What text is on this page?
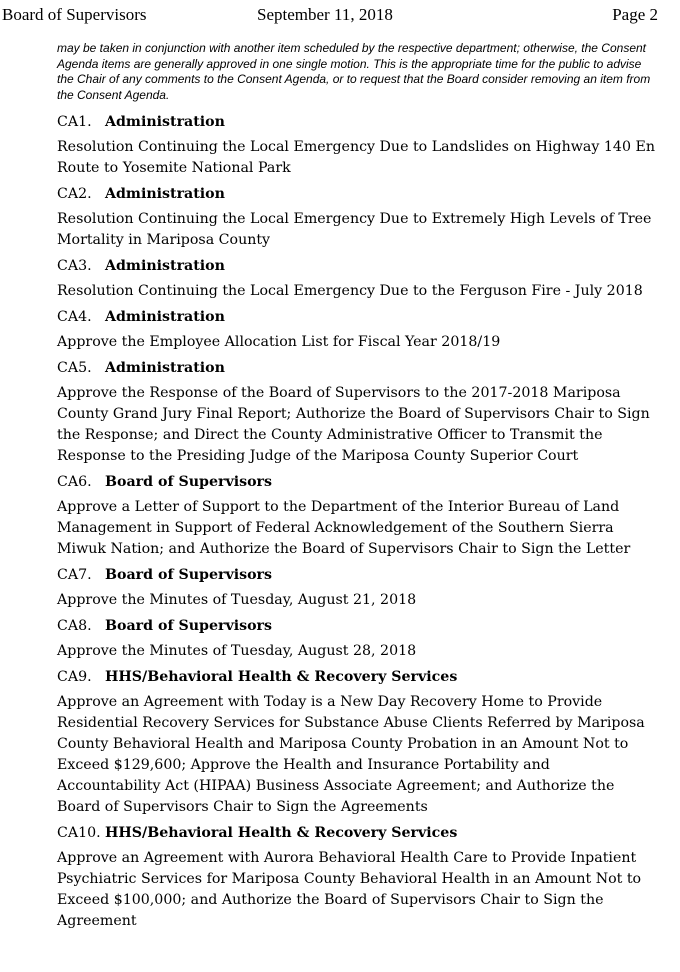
Board of Supervisors	September 11, 2018	Page 2

may be taken in conjunction with another item scheduled by the respective department; otherwise, the Consent Agenda items are generally approved in one single motion. This is the appropriate time for the public to advise the Chair of any comments to the Consent Agenda, or to request that the Board consider removing an item from the Consent Agenda.

CA1. Administration

Resolution Continuing the Local Emergency Due to Landslides on Highway 140 En Route to Yosemite National Park

CA2. Administration

Resolution Continuing the Local Emergency Due to Extremely High Levels of Tree Mortality in Mariposa County

CA3. Administration

Resolution Continuing the Local Emergency Due to the Ferguson Fire - July 2018

CA4. Administration

Approve the Employee Allocation List for Fiscal Year 2018/19

CA5. Administration

Approve the Response of the Board of Supervisors to the 2017-2018 Mariposa County Grand Jury Final Report; Authorize the Board of Supervisors Chair to Sign the Response; and Direct the County Administrative Officer to Transmit the Response to the Presiding Judge of the Mariposa County Superior Court

CA6. Board of Supervisors

Approve a Letter of Support to the Department of the Interior Bureau of Land Management in Support of Federal Acknowledgement of the Southern Sierra Miwuk Nation; and Authorize the Board of Supervisors Chair to Sign the Letter

CA7. Board of Supervisors

Approve the Minutes of Tuesday, August 21, 2018

CA8. Board of Supervisors

Approve the Minutes of Tuesday, August 28, 2018

CA9. HHS/Behavioral Health & Recovery Services

Approve an Agreement with Today is a New Day Recovery Home to Provide Residential Recovery Services for Substance Abuse Clients Referred by Mariposa County Behavioral Health and Mariposa County Probation in an Amount Not to Exceed $129,600; Approve the Health and Insurance Portability and Accountability Act (HIPAA) Business Associate Agreement; and Authorize the Board of Supervisors Chair to Sign the Agreements

CA10. HHS/Behavioral Health & Recovery Services

Approve an Agreement with Aurora Behavioral Health Care to Provide Inpatient Psychiatric Services for Mariposa County Behavioral Health in an Amount Not to Exceed $100,000; and Authorize the Board of Supervisors Chair to Sign the Agreement
